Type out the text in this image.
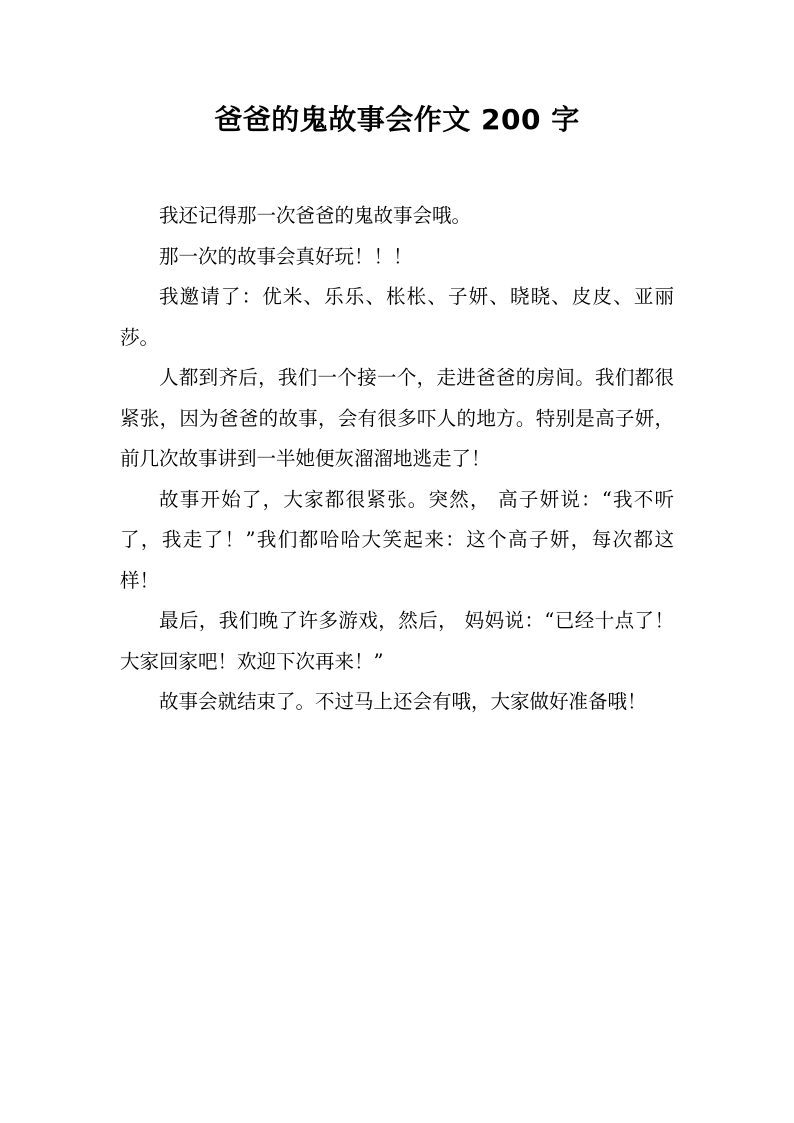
爸爸的鬼故事会作文 200 字

我还记得那一次爸爸的鬼故事会哦。

那一次的故事会真好玩！！！

我邀请了：优米、乐乐、枨枨、子妍、晓晓、皮皮、亚丽莎。

人都到齐后，我们一个接一个，走进爸爸的房间。我们都很紧张，因为爸爸的故事，会有很多吓人的地方。特别是高子妍，前几次故事讲到一半她便灰溜溜地逃走了！

故事开始了，大家都很紧张。突然， 高子妍说：“我不听了，我走了！”我们都哈哈大笑起来：这个高子妍，每次都这样！

最后，我们晚了许多游戏，然后， 妈妈说：“已经十点了！大家回家吧！欢迎下次再来！”

故事会就结束了。不过马上还会有哦，大家做好准备哦！
